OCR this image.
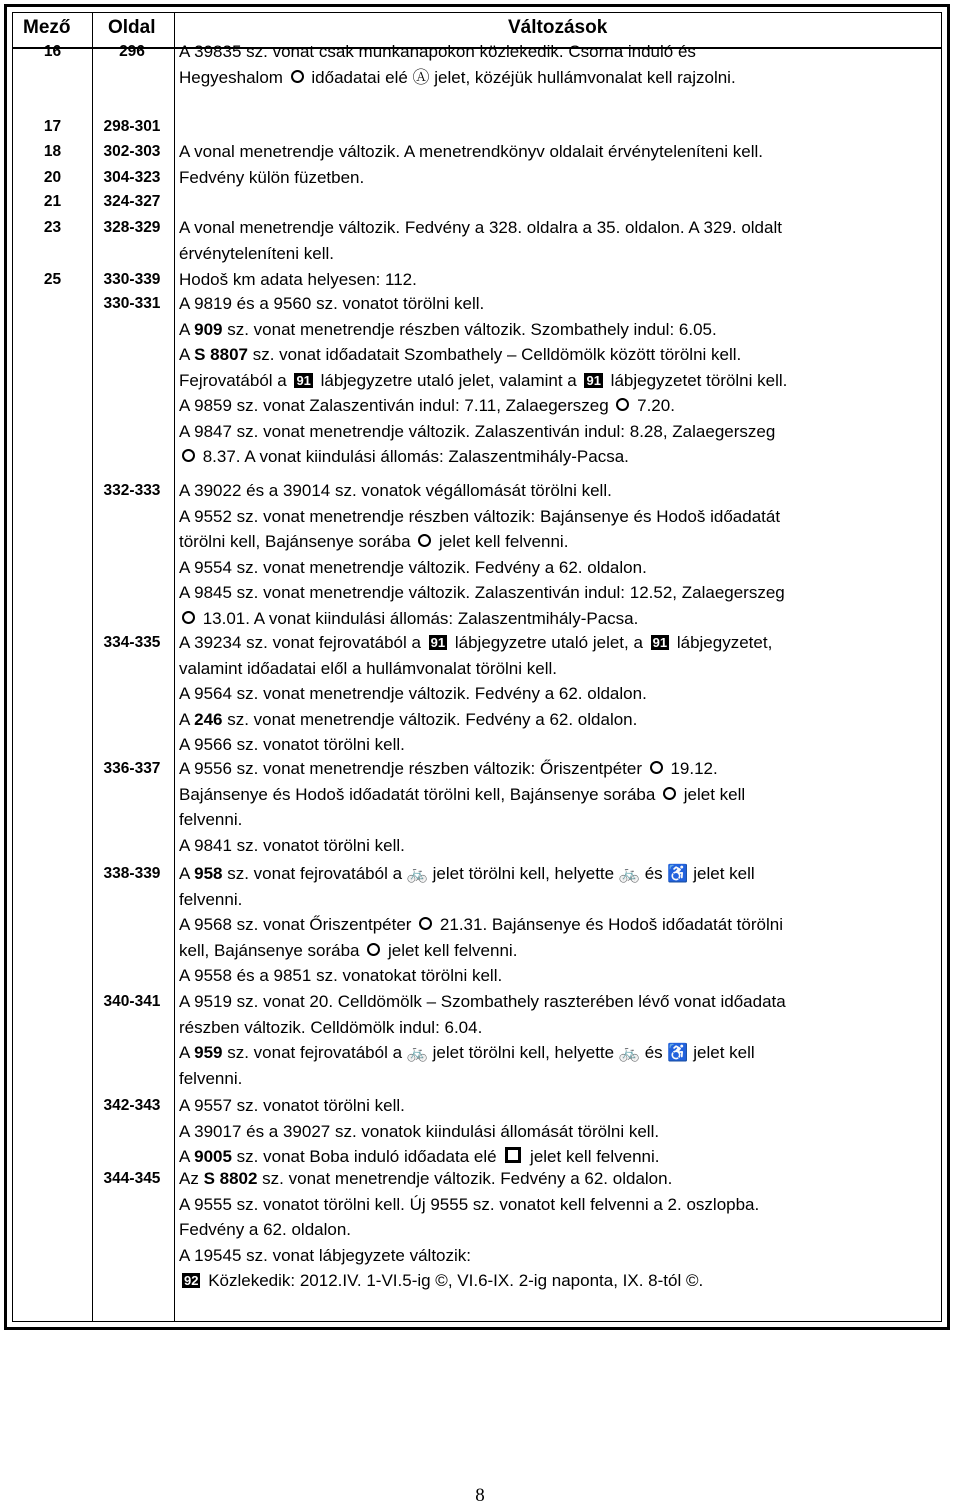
Mező Oldal	Változások
16	296	A 39835 sz. vonat csak munkanapokon közlekedik. Csorna induló és
Hegyeshalom  időadatai elé Ⓐ jelet, közéjük hullámvonalat kell rajzolni.
17	298-301
18	302-303	A vonal menetrendje változik. A menetrendkönyv oldalait érvényteleníteni kell.
20	304-323	Fedvény külön füzetben.
21	324-327
23	328-329	A vonal menetrendje változik. Fedvény a 328. oldalra a 35. oldalon. A 329. oldalt
érvényteleníteni kell.
25	330-339	Hodoš km adata helyesen: 112.
330-331	A 9819 és a 9560 sz. vonatot törölni kell.
A 909 sz. vonat menetrendje részben változik. Szombathely indul: 6.05.
A S 8807 sz. vonat időadatait Szombathely – Celldömölk között törölni kell.
Fejrovatából a 91 lábjegyzetre utaló jelet, valamint a 91 lábjegyzetet törölni kell.
A 9859 sz. vonat Zalaszentiván indul: 7.11, Zalaegerszeg  7.20.
A 9847 sz. vonat menetrendje változik. Zalaszentiván indul: 8.28, Zalaegerszeg
8.37. A vonat kiindulási állomás: Zalaszentmihály-Pacsa.
332-333	A 39022 és a 39014 sz. vonatok végállomását törölni kell.
A 9552 sz. vonat menetrendje részben változik: Bajánsenye és Hodoš időadatát
törölni kell, Bajánsenye sorába  jelet kell felvenni.
A 9554 sz. vonat menetrendje változik. Fedvény a 62. oldalon.
A 9845 sz. vonat menetrendje változik. Zalaszentiván indul: 12.52, Zalaegerszeg
13.01. A vonat kiindulási állomás: Zalaszentmihály-Pacsa.
334-335	A 39234 sz. vonat fejrovatából a 91 lábjegyzetre utaló jelet, a 91 lábjegyzetet,
valamint időadatai elől a hullámvonalat törölni kell.
A 9564 sz. vonat menetrendje változik. Fedvény a 62. oldalon.
A 246 sz. vonat menetrendje változik. Fedvény a 62. oldalon.
A 9566 sz. vonatot törölni kell.
336-337	A 9556 sz. vonat menetrendje részben változik: Őriszentpéter  19.12.
Bajánsenye és Hodoš időadatát törölni kell, Bajánsenye sorába  jelet kell
felvenni.
A 9841 sz. vonatot törölni kell.
338-339	A 958 sz. vonat fejrovatából a 🚲 jelet törölni kell, helyette 🚲 és ♿ jelet kell
felvenni.
A 9568 sz. vonat Őriszentpéter  21.31. Bajánsenye és Hodoš időadatát törölni
kell, Bajánsenye sorába  jelet kell felvenni.
A 9558 és a 9851 sz. vonatokat törölni kell.
340-341	A 9519 sz. vonat 20. Celldömölk – Szombathely raszterében lévő vonat időadata
részben változik. Celldömölk indul: 6.04.
A 959 sz. vonat fejrovatából a 🚲 jelet törölni kell, helyette 🚲 és ♿ jelet kell
felvenni.
342-343	A 9557 sz. vonatot törölni kell.
A 39017 és a 39027 sz. vonatok kiindulási állomását törölni kell.
A 9005 sz. vonat Boba induló időadata elé  jelet kell felvenni.
344-345	Az S 8802 sz. vonat menetrendje változik. Fedvény a 62. oldalon.
A 9555 sz. vonatot törölni kell. Új 9555 sz. vonatot kell felvenni a 2. oszlopba.
Fedvény a 62. oldalon.
A 19545 sz. vonat lábjegyzete változik:
92 Közlekedik: 2012.IV. 1-VI.5-ig ©, VI.6-IX. 2-ig naponta, IX. 8-tól ©.
8
